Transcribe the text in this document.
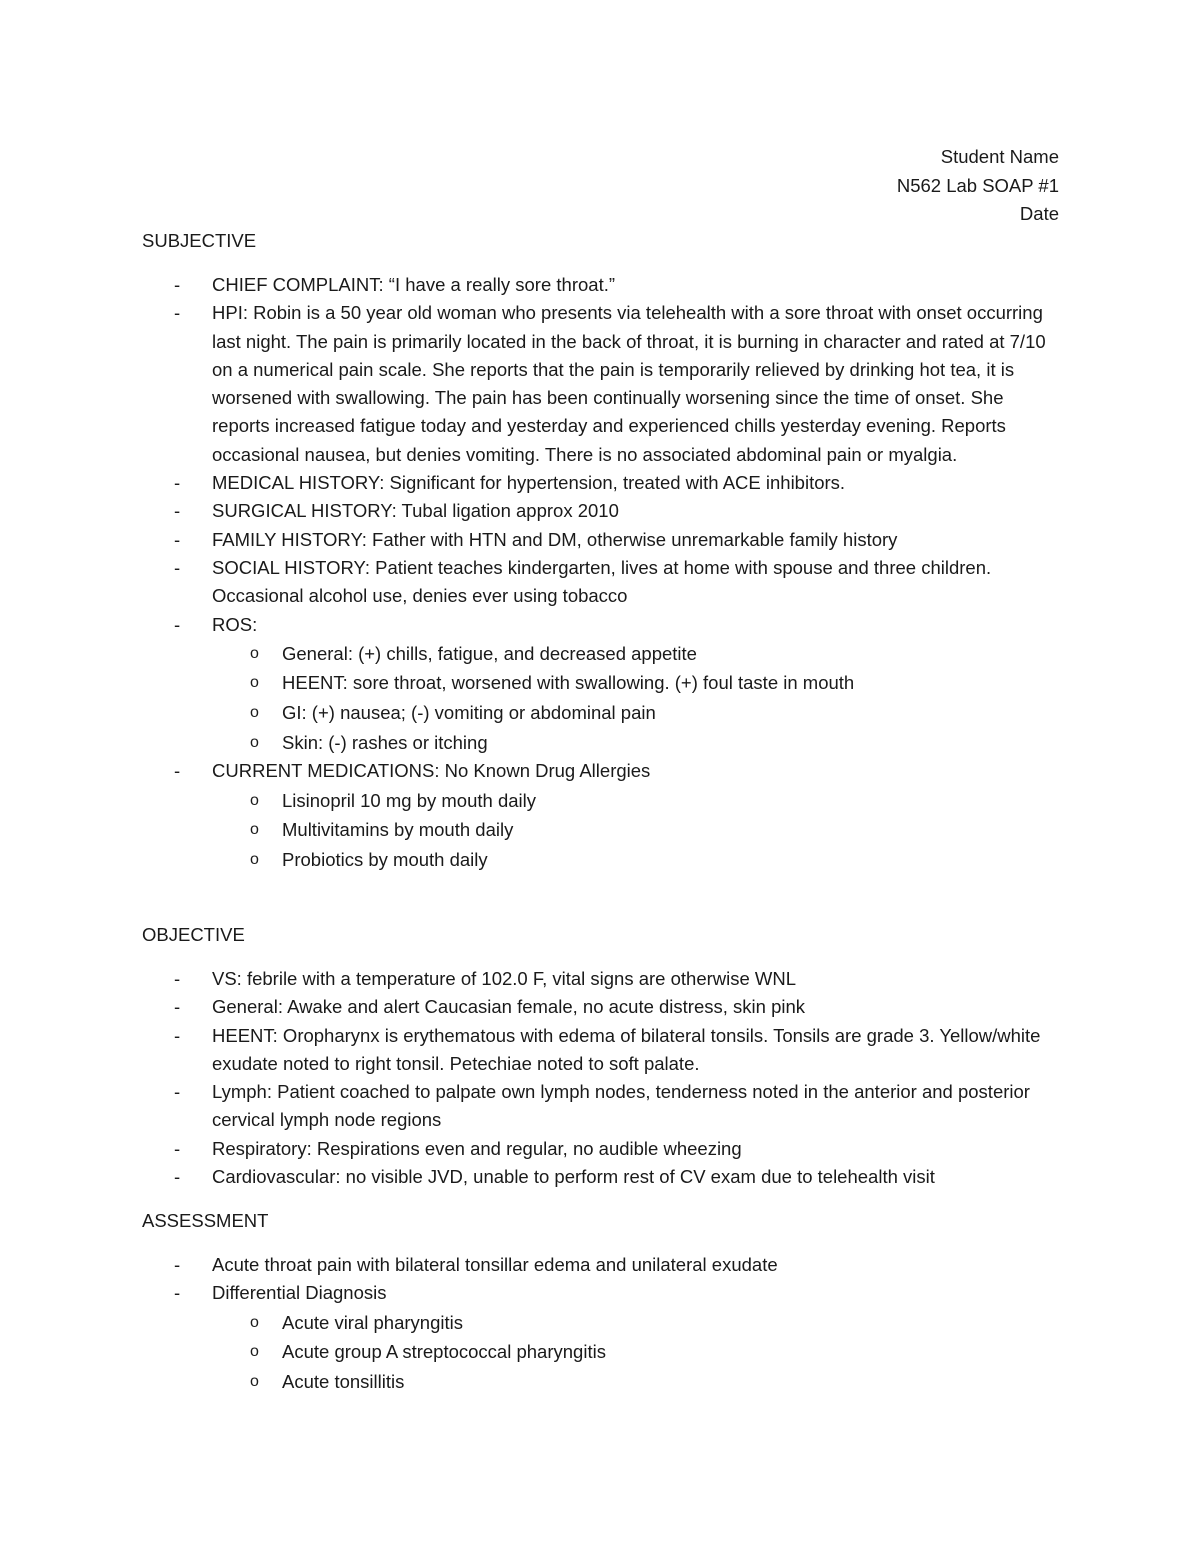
Student Name
N562 Lab SOAP #1
Date
SUBJECTIVE
- CHIEF COMPLAINT: “I have a really sore throat.”
- HPI: Robin is a 50 year old woman who presents via telehealth with a sore throat with onset occurring last night. The pain is primarily located in the back of throat, it is burning in character and rated at 7/10 on a numerical pain scale. She reports that the pain is temporarily relieved by drinking hot tea, it is worsened with swallowing. The pain has been continually worsening since the time of onset. She reports increased fatigue today and yesterday and experienced chills yesterday evening. Reports occasional nausea, but denies vomiting. There is no associated abdominal pain or myalgia.
- MEDICAL HISTORY: Significant for hypertension, treated with ACE inhibitors.
- SURGICAL HISTORY: Tubal ligation approx 2010
- FAMILY HISTORY: Father with HTN and DM, otherwise unremarkable family history
- SOCIAL HISTORY: Patient teaches kindergarten, lives at home with spouse and three children. Occasional alcohol use, denies ever using tobacco
- ROS:
o General: (+) chills, fatigue, and decreased appetite
o HEENT: sore throat, worsened with swallowing. (+) foul taste in mouth
o GI: (+) nausea; (-) vomiting or abdominal pain
o Skin: (-) rashes or itching
- CURRENT MEDICATIONS: No Known Drug Allergies
o Lisinopril 10 mg by mouth daily
o Multivitamins by mouth daily
o Probiotics by mouth daily
OBJECTIVE
- VS: febrile with a temperature of 102.0 F, vital signs are otherwise WNL
- General: Awake and alert Caucasian female, no acute distress, skin pink
- HEENT: Oropharynx is erythematous with edema of bilateral tonsils. Tonsils are grade 3. Yellow/white exudate noted to right tonsil. Petechiae noted to soft palate.
- Lymph: Patient coached to palpate own lymph nodes, tenderness noted in the anterior and posterior cervical lymph node regions
- Respiratory: Respirations even and regular, no audible wheezing
- Cardiovascular: no visible JVD, unable to perform rest of CV exam due to telehealth visit
ASSESSMENT
- Acute throat pain with bilateral tonsillar edema and unilateral exudate
- Differential Diagnosis
o Acute viral pharyngitis
o Acute group A streptococcal pharyngitis
o Acute tonsillitis
